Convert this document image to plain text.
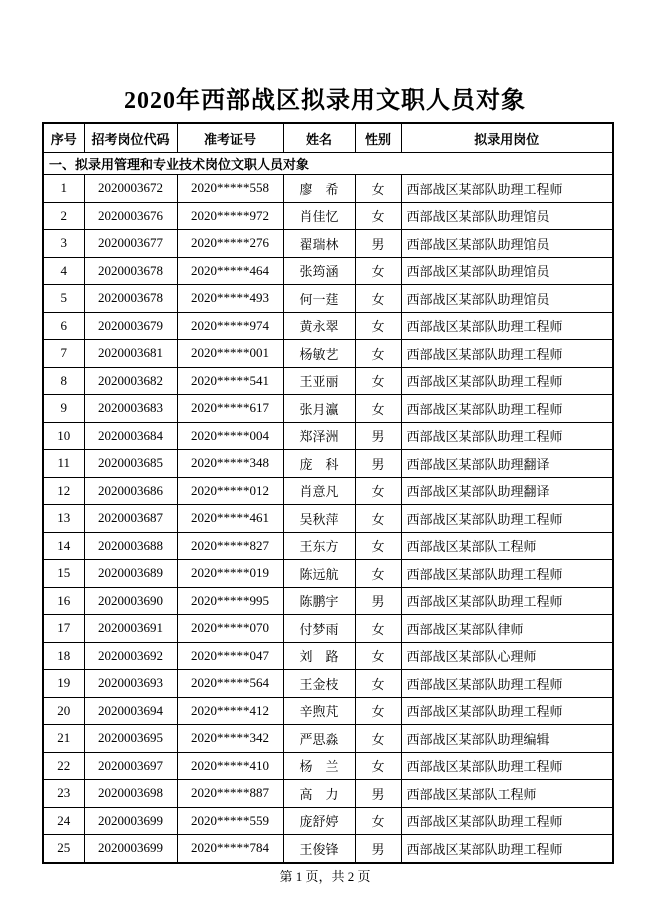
2020年西部战区拟录用文职人员对象
序号	招考岗位代码	准考证号	姓名	性别	拟录用岗位
一、拟录用管理和专业技术岗位文职人员对象					
1	2020003672	2020*****558	廖　希	女	西部战区某部队助理工程师
2	2020003676	2020*****972	肖佳忆	女	西部战区某部队助理馆员
3	2020003677	2020*****276	翟瑞林	男	西部战区某部队助理馆员
4	2020003678	2020*****464	张筠涵	女	西部战区某部队助理馆员
5	2020003678	2020*****493	何一莛	女	西部战区某部队助理馆员
6	2020003679	2020*****974	黄永翠	女	西部战区某部队助理工程师
7	2020003681	2020*****001	杨敏艺	女	西部战区某部队助理工程师
8	2020003682	2020*****541	王亚丽	女	西部战区某部队助理工程师
9	2020003683	2020*****617	张月瀛	女	西部战区某部队助理工程师
10	2020003684	2020*****004	郑泽洲	男	西部战区某部队助理工程师
11	2020003685	2020*****348	庞　科	男	西部战区某部队助理翻译
12	2020003686	2020*****012	肖意凡	女	西部战区某部队助理翻译
13	2020003687	2020*****461	吴秋萍	女	西部战区某部队助理工程师
14	2020003688	2020*****827	王东方	女	西部战区某部队工程师
15	2020003689	2020*****019	陈远航	女	西部战区某部队助理工程师
16	2020003690	2020*****995	陈鹏宇	男	西部战区某部队助理工程师
17	2020003691	2020*****070	付梦雨	女	西部战区某部队律师
18	2020003692	2020*****047	刘　路	女	西部战区某部队心理师
19	2020003693	2020*****564	王金枝	女	西部战区某部队助理工程师
20	2020003694	2020*****412	辛煦芃	女	西部战区某部队助理工程师
21	2020003695	2020*****342	严思淼	女	西部战区某部队助理编辑
22	2020003697	2020*****410	杨　兰	女	西部战区某部队助理工程师
23	2020003698	2020*****887	高　力	男	西部战区某部队工程师
24	2020003699	2020*****559	庞舒婷	女	西部战区某部队助理工程师
25	2020003699	2020*****784	王俊锋	男	西部战区某部队助理工程师
第 1 页，共 2 页
